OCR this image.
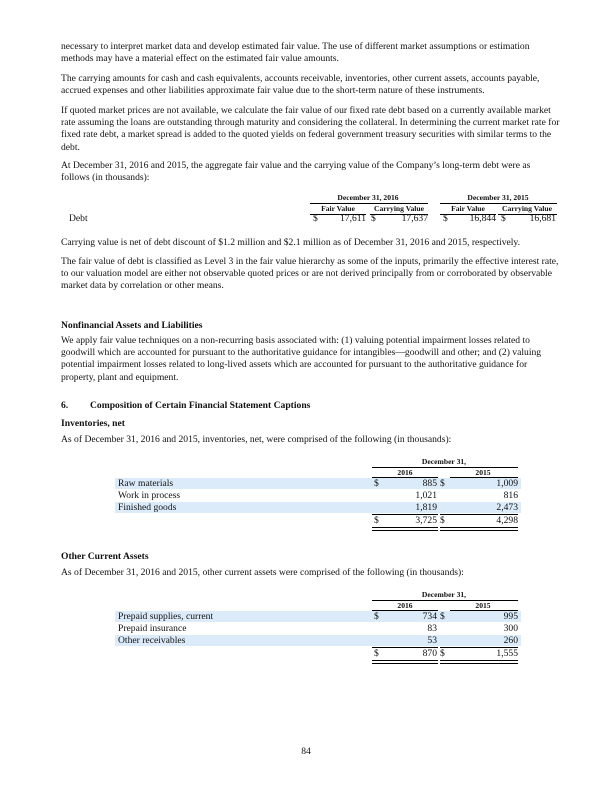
necessary to interpret market data and develop estimated fair value. The use of different market assumptions or estimation methods may have a material effect on the estimated fair value amounts.

The carrying amounts for cash and cash equivalents, accounts receivable, inventories, other current assets, accounts payable, accrued expenses and other liabilities approximate fair value due to the short-term nature of these instruments.

If quoted market prices are not available, we calculate the fair value of our fixed rate debt based on a currently available market rate assuming the loans are outstanding through maturity and considering the collateral. In determining the current market rate for fixed rate debt, a market spread is added to the quoted yields on federal government treasury securities with similar terms to the debt.

At December 31, 2016 and 2015, the aggregate fair value and the carrying value of the Company’s long-term debt were as follows (in thousands):

December 31, 2016	December 31, 2015
Fair Value	Carrying Value	Fair Value	Carrying Value
Debt	$	17,611 $	17,637 $	16,844 $	16,681

Carrying value is net of debt discount of $1.2 million and $2.1 million as of December 31, 2016 and 2015, respectively.

The fair value of debt is classified as Level 3 in the fair value hierarchy as some of the inputs, primarily the effective interest rate, to our valuation model are either not observable quoted prices or are not derived principally from or corroborated by observable market data by correlation or other means.

Nonfinancial Assets and Liabilities

We apply fair value techniques on a non-recurring basis associated with: (1) valuing potential impairment losses related to goodwill which are accounted for pursuant to the authoritative guidance for intangibles—goodwill and other; and (2) valuing potential impairment losses related to long-lived assets which are accounted for pursuant to the authoritative guidance for property, plant and equipment.

6. Composition of Certain Financial Statement Captions
Inventories, net

As of December 31, 2016 and 2015, inventories, net, were comprised of the following (in thousands):

December 31,
2016	2015
Raw materials	$	885 $	1,009
Work in process	1,021	816
Finished goods	1,819	2,473
$	3,725 $	4,298
Other Current Assets

As of December 31, 2016 and 2015, other current assets were comprised of the following (in thousands):

December 31,
2016	2015
Prepaid supplies, current	$	734 $	995
Prepaid insurance	83	300
Other receivables	53	260
$	870 $	1,555
84
